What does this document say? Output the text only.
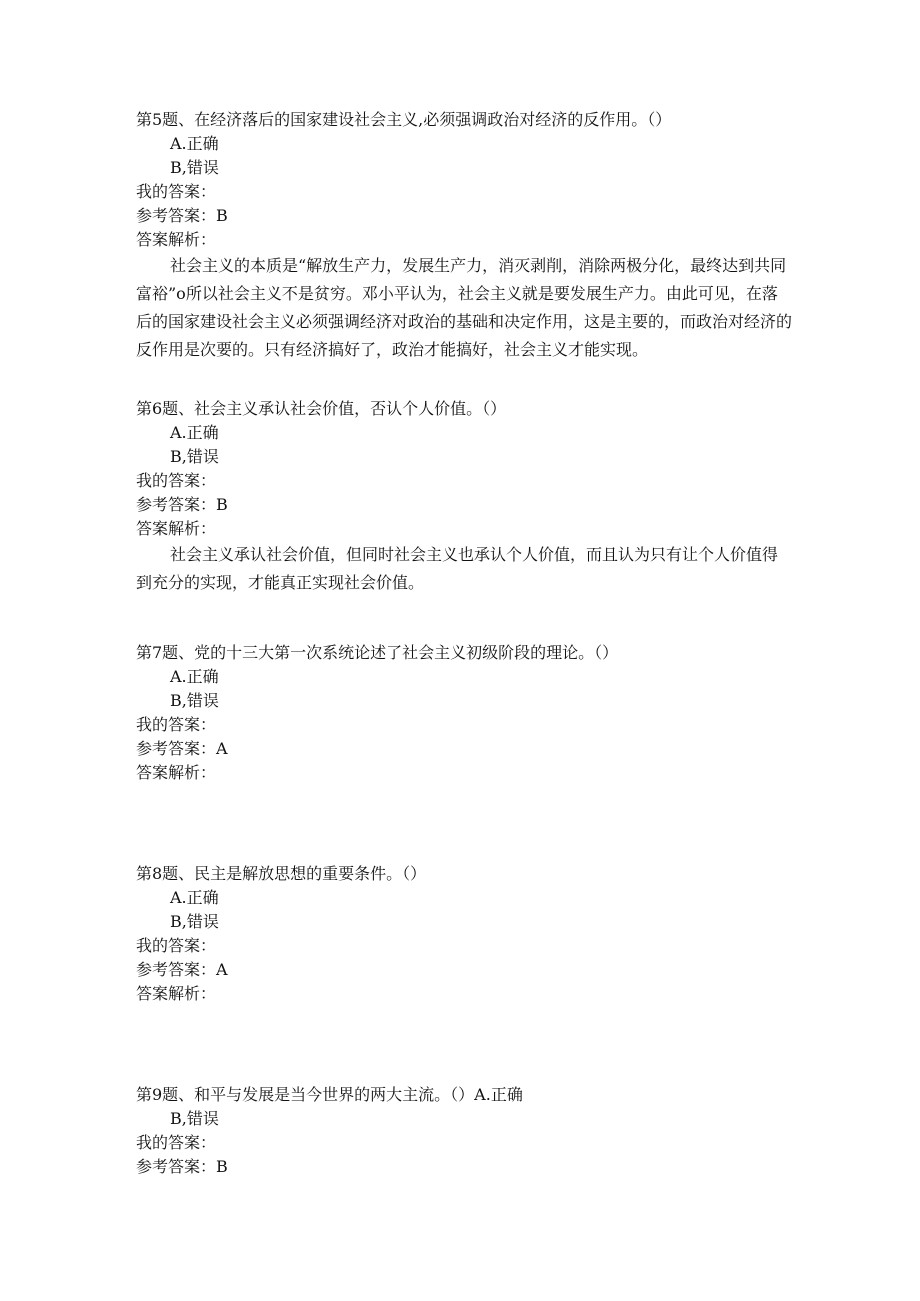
第5题、在经济落后的国家建设社会主义,必须强调政治对经济的反作用。（）
A.正确
B,错误
我的答案：
参考答案：B
答案解析：
社会主义的本质是“解放生产力，发展生产力，消灭剥削，消除两极分化，最终达到共同富裕”o所以社会主义不是贫穷。邓小平认为，社会主义就是要发展生产力。由此可见，在落后的国家建设社会主义必须强调经济对政治的基础和决定作用，这是主要的，而政治对经济的反作用是次要的。只有经济搞好了，政治才能搞好，社会主义才能实现。
第6题、社会主义承认社会价值，否认个人价值。（）
A.正确
B,错误
我的答案：
参考答案：B
答案解析：
社会主义承认社会价值，但同时社会主义也承认个人价值，而且认为只有让个人价值得到充分的实现，才能真正实现社会价值。
第7题、党的十三大第一次系统论述了社会主义初级阶段的理论。（）
A.正确
B,错误
我的答案：
参考答案：A
答案解析：
第8题、民主是解放思想的重要条件。（）
A.正确
B,错误
我的答案：
参考答案：A
答案解析：
第9题、和平与发展是当今世界的两大主流。（）A.正确
B,错误
我的答案：
参考答案：B
